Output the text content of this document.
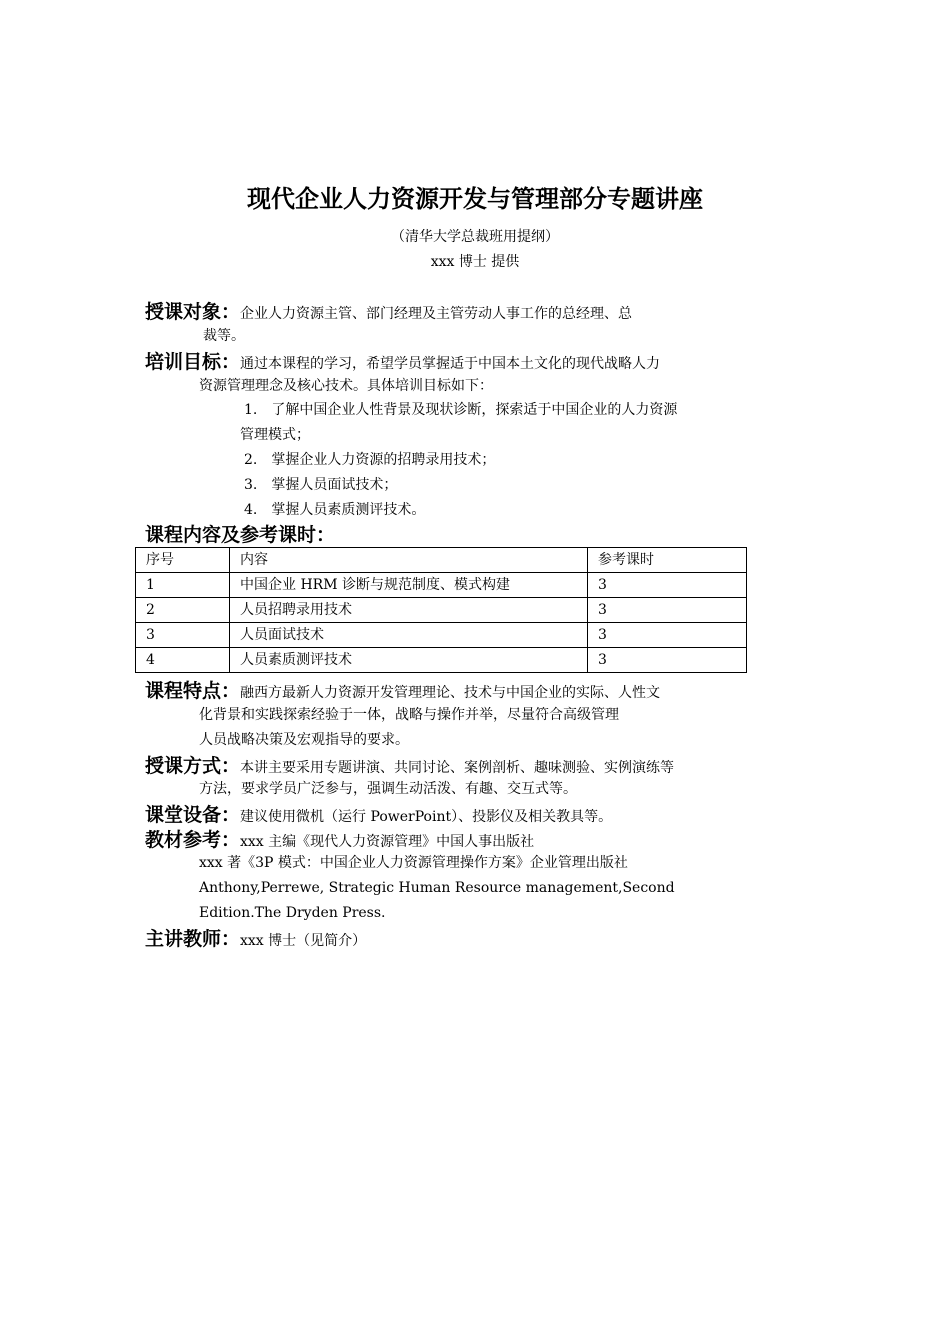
现代企业人力资源开发与管理部分专题讲座
（清华大学总裁班用提纲）
xxx 博士 提供
授课对象：企业人力资源主管、部门经理及主管劳动人事工作的总经理、总
裁等。
培训目标：通过本课程的学习，希望学员掌握适于中国本土文化的现代战略人力
资源管理理念及核心技术。具体培训目标如下：
1.　了解中国企业人性背景及现状诊断，探索适于中国企业的人力资源
管理模式；
2.　掌握企业人力资源的招聘录用技术；
3.　掌握人员面试技术；
4.　掌握人员素质测评技术。
课程内容及参考课时：
序号	内容	参考课时
1	中国企业 HRM 诊断与规范制度、模式构建	3
2	人员招聘录用技术	3
3	人员面试技术	3
4	人员素质测评技术	3
课程特点：融西方最新人力资源开发管理理论、技术与中国企业的实际、人性文
化背景和实践探索经验于一体，战略与操作并举，尽量符合高级管理
人员战略决策及宏观指导的要求。
授课方式：本讲主要采用专题讲演、共同讨论、案例剖析、趣味测验、实例演练等
方法，要求学员广泛参与，强调生动活泼、有趣、交互式等。
课堂设备：建议使用微机（运行 PowerPoint）、投影仪及相关教具等。
教材参考：xxx 主编《现代人力资源管理》中国人事出版社
xxx 著《3P 模式：中国企业人力资源管理操作方案》企业管理出版社
Anthony,Perrewe, Strategic Human Resource management,Second
Edition.The Dryden Press.
主讲教师：xxx 博士（见简介）
